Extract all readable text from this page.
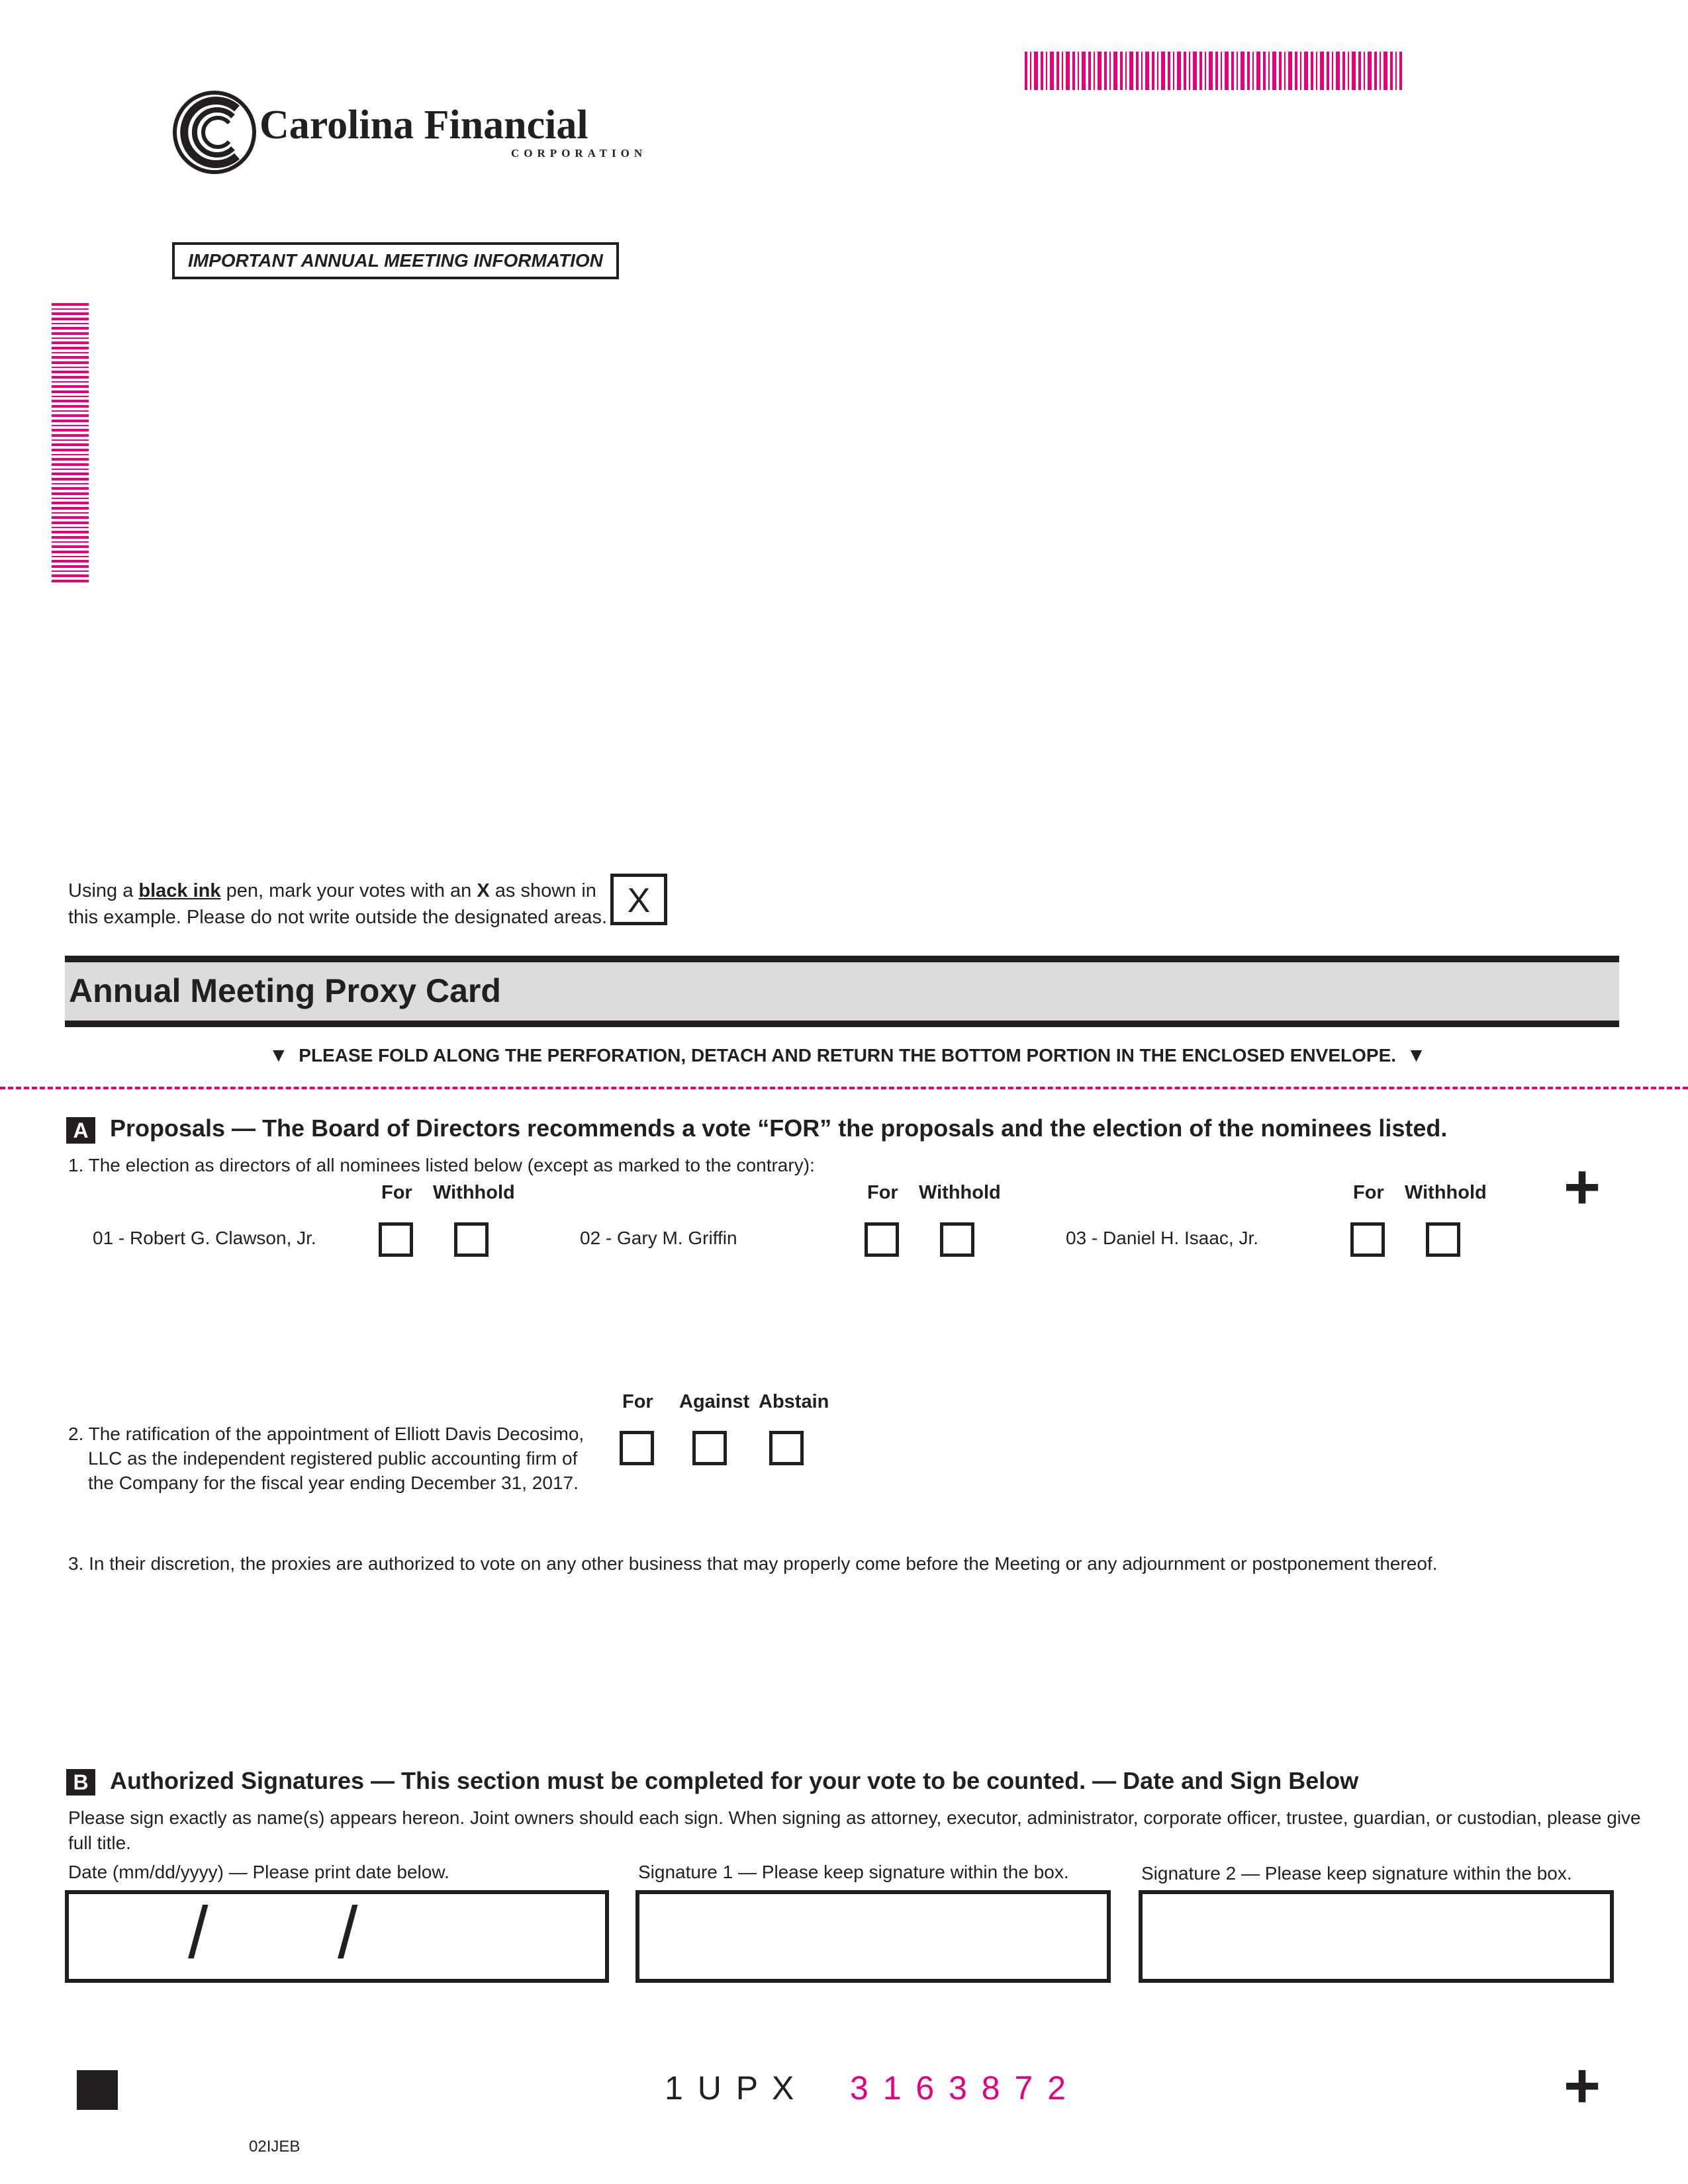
Carolina Financial
CORPORATION
IMPORTANT ANNUAL MEETING INFORMATION
Using a black ink pen, mark your votes with an X as shown in
this example. Please do not write outside the designated areas. X
Annual Meeting Proxy Card
▼ PLEASE FOLD ALONG THE PERFORATION, DETACH AND RETURN THE BOTTOM PORTION IN THE ENCLOSED ENVELOPE. ▼
A Proposals — The Board of Directors recommends a vote “FOR” the proposals and the election of the nominees listed.
1. The election as directors of all nominees listed below (except as marked to the contrary):
For Withhold	For Withhold	For Withhold +
01 - Robert G. Clawson, Jr.	02 - Gary M. Griffin	03 - Daniel H. Isaac, Jr.
For Against Abstain
2. The ratification of the appointment of Elliott Davis Decosimo,
LLC as the independent registered public accounting firm of
the Company for the fiscal year ending December 31, 2017.
3. In their discretion, the proxies are authorized to vote on any other business that may properly come before the Meeting or any adjournment or postponement thereof.
B Authorized Signatures — This section must be completed for your vote to be counted. — Date and Sign Below
Please sign exactly as name(s) appears hereon. Joint owners should each sign. When signing as attorney, executor, administrator, corporate officer, trustee, guardian, or custodian, please give
full title.
Date (mm/dd/yyyy) — Please print date below.	Signature 1 — Please keep signature within the box.	Signature 2 — Please keep signature within the box.
/ /
1 U P X 3 1 6 3 8 7 2	+
02IJEB
